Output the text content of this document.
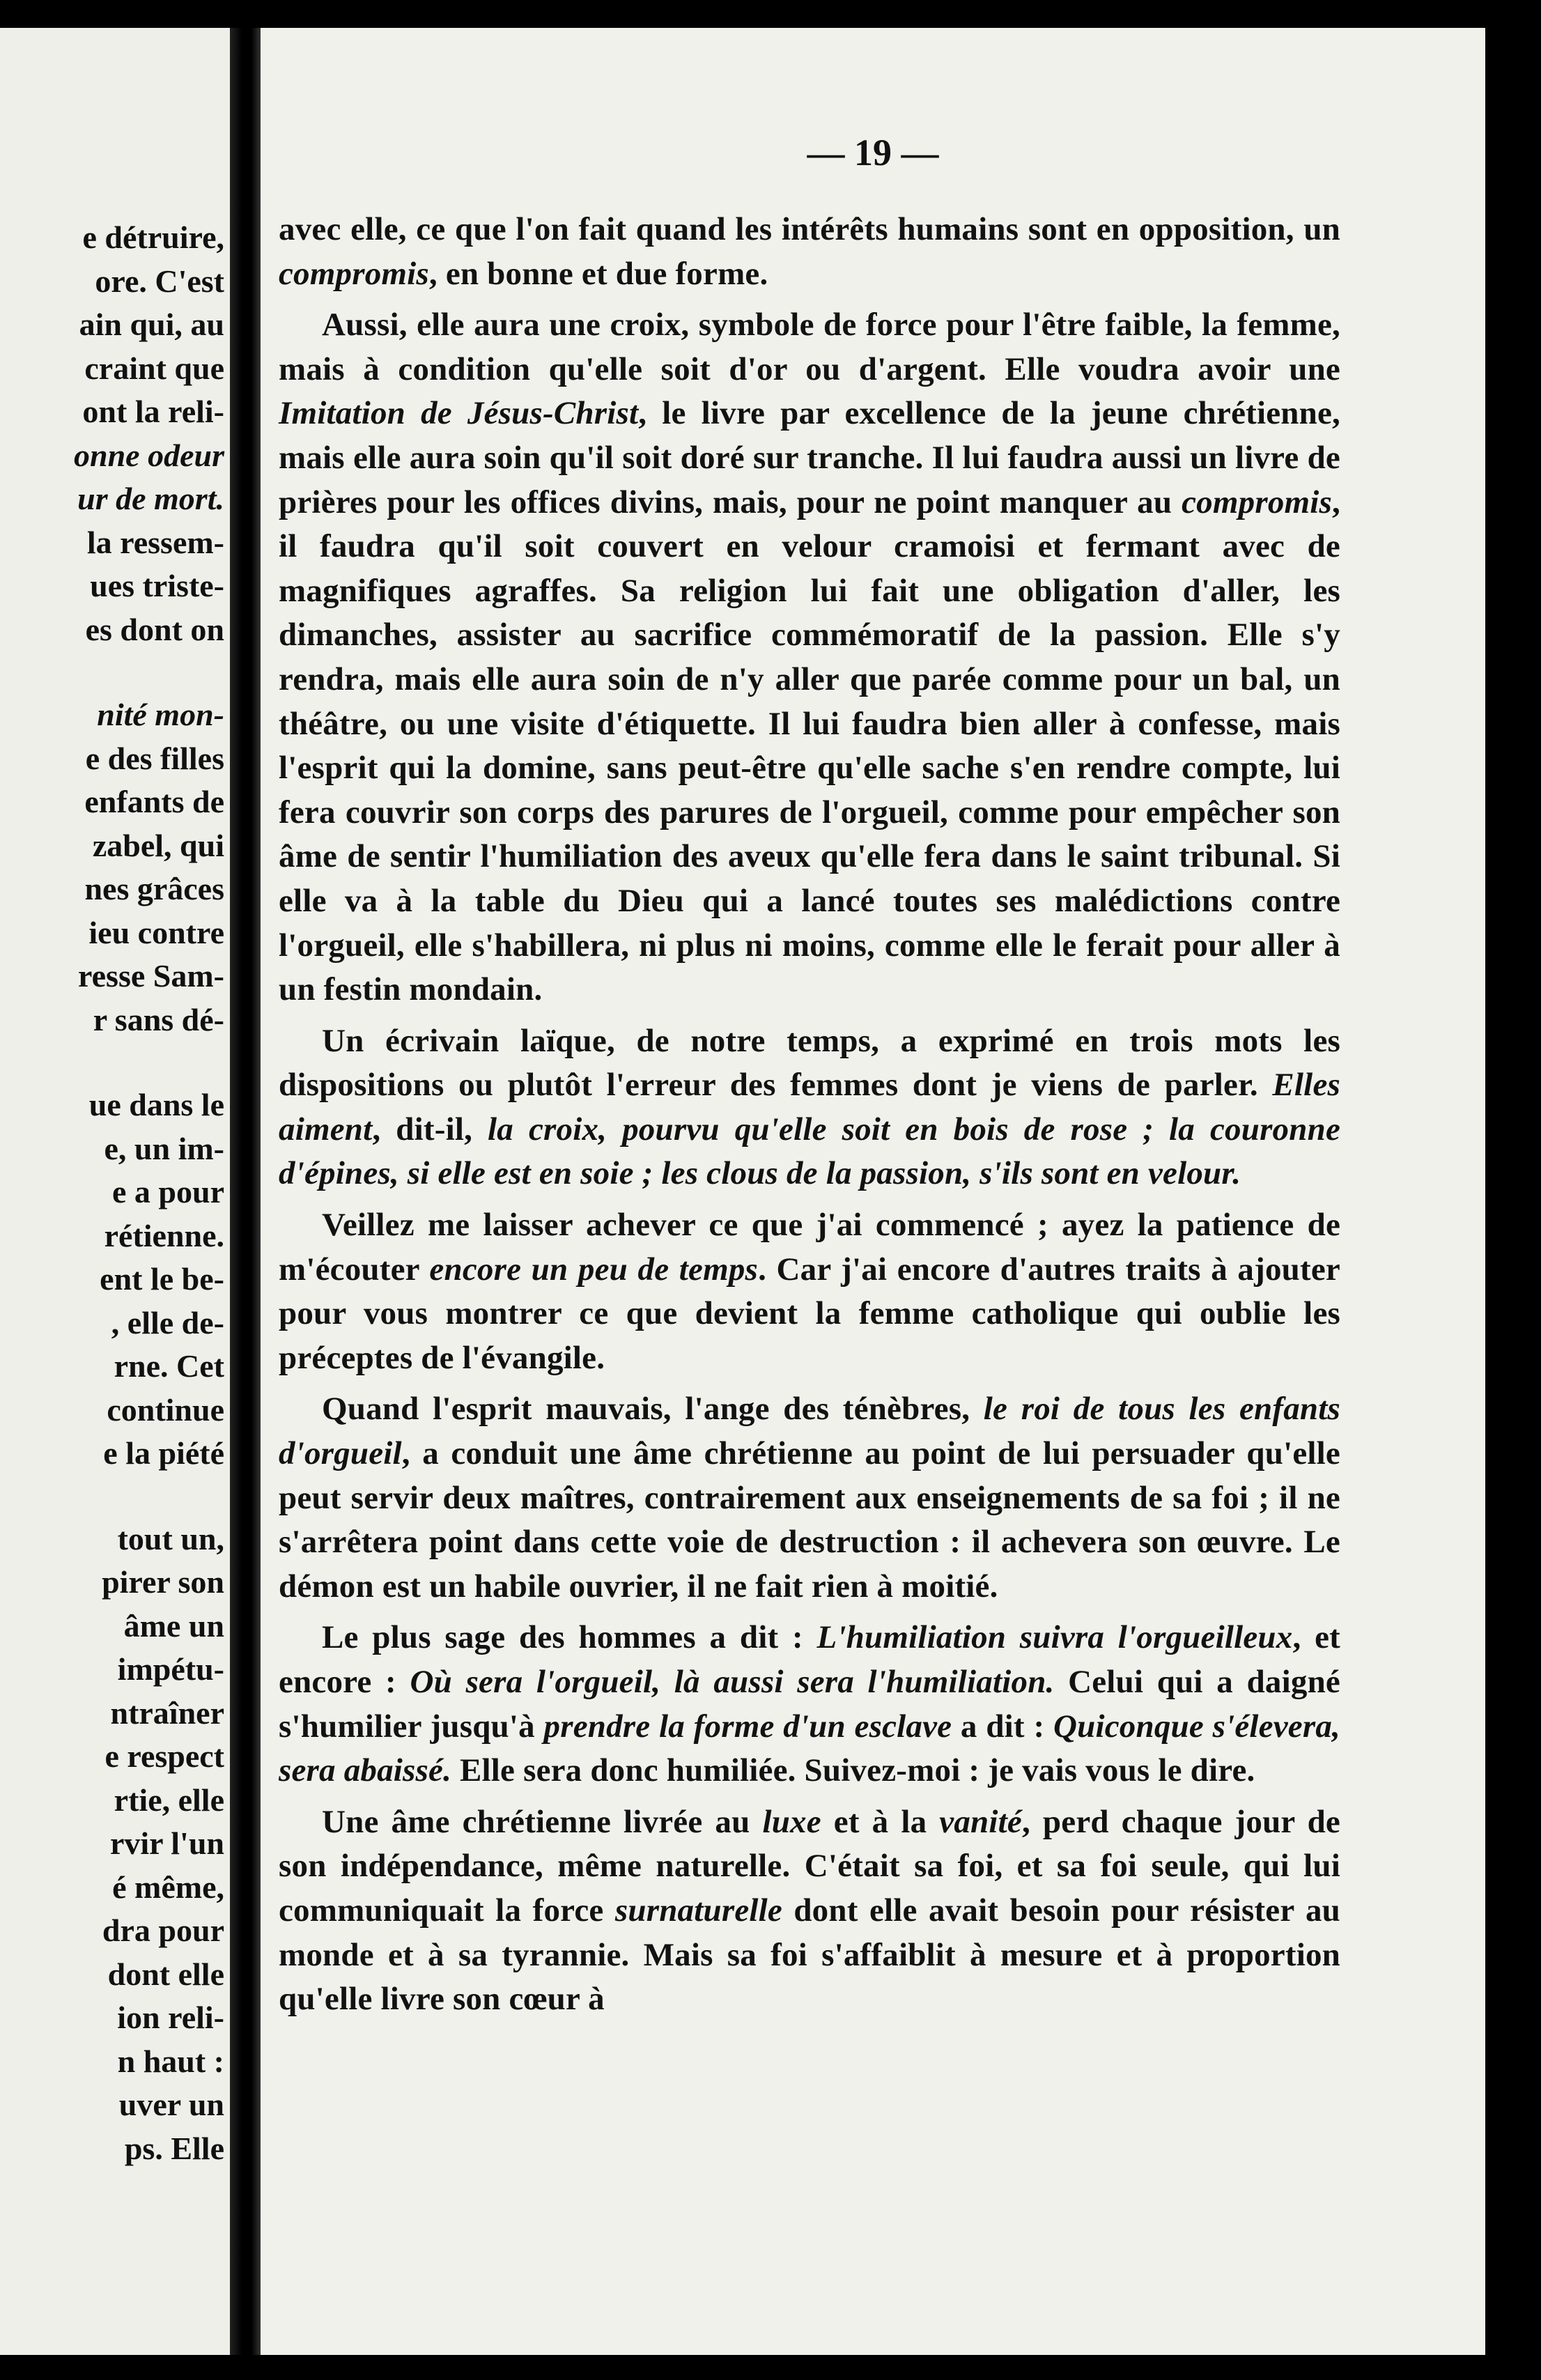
e détruire,
ore. C'est
ain qui, au
craint que
ont la reli-
onne odeur
ur de mort.
la ressem-
ues triste-
es dont on
nité mon-
e des filles
enfants de
zabel, qui
nes grâces
ieu contre
resse Sam-
r sans dé-
ue dans le
e, un im-
e a pour
rétienne.
ent le be-
, elle de-
rne. Cet
continue
e la piété
tout un,
pirer son
âme un
impétu-
ntraîner
e respect
rtie, elle
rvir l'un
é même,
dra pour
dont elle
ion reli-
n haut :
uver un
ps. Elle
— 19 —

avec elle, ce que l'on fait quand les intérêts humains sont en opposition, un compromis, en bonne et due forme.

Aussi, elle aura une croix, symbole de force pour l'être faible, la femme, mais à condition qu'elle soit d'or ou d'argent. Elle voudra avoir une Imitation de Jésus-Christ, le livre par excellence de la jeune chrétienne, mais elle aura soin qu'il soit doré sur tranche. Il lui faudra aussi un livre de prières pour les offices divins, mais, pour ne point manquer au compromis, il faudra qu'il soit couvert en velour cramoisi et fermant avec de magnifiques agraffes. Sa religion lui fait une obligation d'aller, les dimanches, assister au sacrifice commémoratif de la passion. Elle s'y rendra, mais elle aura soin de n'y aller que parée comme pour un bal, un théâtre, ou une visite d'étiquette. Il lui faudra bien aller à confesse, mais l'esprit qui la domine, sans peut-être qu'elle sache s'en rendre compte, lui fera couvrir son corps des parures de l'orgueil, comme pour empêcher son âme de sentir l'humiliation des aveux qu'elle fera dans le saint tribunal. Si elle va à la table du Dieu qui a lancé toutes ses malédictions contre l'orgueil, elle s'habillera, ni plus ni moins, comme elle le ferait pour aller à un festin mondain.

Un écrivain laïque, de notre temps, a exprimé en trois mots les dispositions ou plutôt l'erreur des femmes dont je viens de parler. Elles aiment, dit-il, la croix, pourvu qu'elle soit en bois de rose ; la couronne d'épines, si elle est en soie ; les clous de la passion, s'ils sont en velour.

Veillez me laisser achever ce que j'ai commencé ; ayez la patience de m'écouter encore un peu de temps. Car j'ai encore d'autres traits à ajouter pour vous montrer ce que devient la femme catholique qui oublie les préceptes de l'évangile.

Quand l'esprit mauvais, l'ange des ténèbres, le roi de tous les enfants d'orgueil, a conduit une âme chrétienne au point de lui persuader qu'elle peut servir deux maîtres, contrairement aux enseignements de sa foi ; il ne s'arrêtera point dans cette voie de destruction : il achevera son œuvre. Le démon est un habile ouvrier, il ne fait rien à moitié.

Le plus sage des hommes a dit : L'humiliation suivra l'orgueilleux, et encore : Où sera l'orgueil, là aussi sera l'humiliation. Celui qui a daigné s'humilier jusqu'à prendre la forme d'un esclave a dit : Quiconque s'élevera, sera abaissé. Elle sera donc humiliée. Suivez-moi : je vais vous le dire.

Une âme chrétienne livrée au luxe et à la vanité, perd chaque jour de son indépendance, même naturelle. C'était sa foi, et sa foi seule, qui lui communiquait la force surnaturelle dont elle avait besoin pour résister au monde et à sa tyrannie. Mais sa foi s'affaiblit à mesure et à proportion qu'elle livre son cœur à
